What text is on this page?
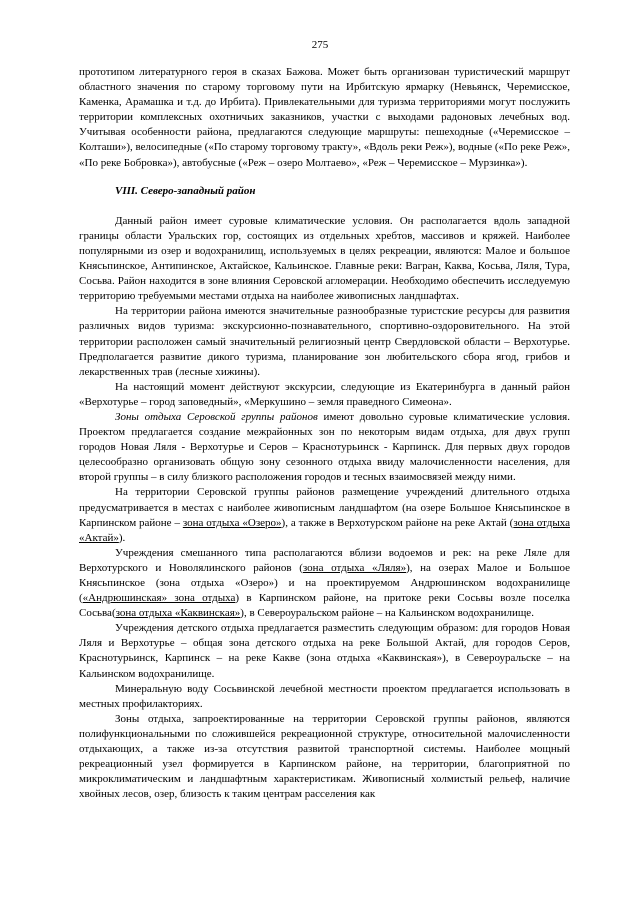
275

прототипом литературного героя в сказах Бажова. Может быть организован туристический маршрут областного значения по старому торговому пути на Ирбитскую ярмарку (Невьянск, Черемисское, Каменка, Арамашка и т.д. до Ирбита). Привлекательными для туризма территориями могут послужить территории комплексных охотничьих заказников, участки с выходами радоновых лечебных вод. Учитывая особенности района, предлагаются следующие маршруты: пешеходные («Черемисское – Колташи»), велосипедные («По старому торговому тракту», «Вдоль реки Реж»), водные («По реке Реж», «По реке Бобровка»), автобусные («Реж – озеро Молтаево», «Реж – Черемисское – Мурзинка»).

VIII. Северо-западный район

Данный район имеет суровые климатические условия. Он располагается вдоль западной границы области Уральских гор, состоящих из отдельных хребтов, массивов и кряжей. Наиболее популярными из озер и водохранилищ, используемых в целях рекреации, являются: Малое и большое Княсьпинское, Антипинское, Актайское, Кальинское. Главные реки: Вагран, Каква, Косьва, Ляля, Тура, Сосьва. Район находится в зоне влияния Серовской агломерации. Необходимо обеспечить исследуемую территорию требуемыми местами отдыха на наиболее живописных ландшафтах.

На территории района имеются значительные разнообразные туристские ресурсы для развития различных видов туризма: экскурсионно-познавательного, спортивно-оздоровительного. На этой территории расположен самый значительный религиозный центр Свердловской области – Верхотурье. Предполагается развитие дикого туризма, планирование зон любительского сбора ягод, грибов и лекарственных трав (лесные хижины).

На настоящий момент действуют экскурсии, следующие из Екатеринбурга в данный район «Верхотурье – город заповедный», «Меркушино – земля праведного Симеона».

Зоны отдыха Серовской группы районов имеют довольно суровые климатические условия. Проектом предлагается создание межрайонных зон по некоторым видам отдыха, для двух групп городов Новая Ляля - Верхотурье и Серов – Краснотурьинск - Карпинск. Для первых двух городов целесообразно организовать общую зону сезонного отдыха ввиду малочисленности населения, для второй группы – в силу близкого расположения городов и тесных взаимосвязей между ними.

На территории Серовской группы районов размещение учреждений длительного отдыха предусматривается в местах с наиболее живописным ландшафтом (на озере Большое Княсьпинское в Карпинском районе – зона отдыха «Озеро»), а также в Верхотурском районе на реке Актай (зона отдыха «Актай»).

Учреждения смешанного типа располагаются вблизи водоемов и рек: на реке Ляле для Верхотурского и Новолялинского районов (зона отдыха «Ляля»), на озерах Малое и Большое Княсьпинское (зона отдыха «Озеро») и на проектируемом Андрюшинском водохранилище («Андрюшинская» зона отдыха) в Карпинском районе, на притоке реки Сосьвы возле поселка Сосьва(зона отдыха «Каквинская»), в Североуральском районе – на Кальинском водохранилище.

Учреждения детского отдыха предлагается разместить следующим образом: для городов Новая Ляля и Верхотурье – общая зона детского отдыха на реке Большой Актай, для городов Серов, Краснотурьинск, Карпинск – на реке Какве (зона отдыха «Каквинская»), в Североуральске – на Кальинском водохранилище.

Минеральную воду Сосьвинской лечебной местности проектом предлагается использовать в местных профилакториях.

Зоны отдыха, запроектированные на территории Серовской группы районов, являются полифункциональными по сложившейся рекреационной структуре, относительной малочисленности отдыхающих, а также из-за отсутствия развитой транспортной системы. Наиболее мощный рекреационный узел формируется в Карпинском районе, на территории, благоприятной по микроклиматическим и ландшафтным характеристикам. Живописный холмистый рельеф, наличие хвойных лесов, озер, близость к таким центрам расселения как
